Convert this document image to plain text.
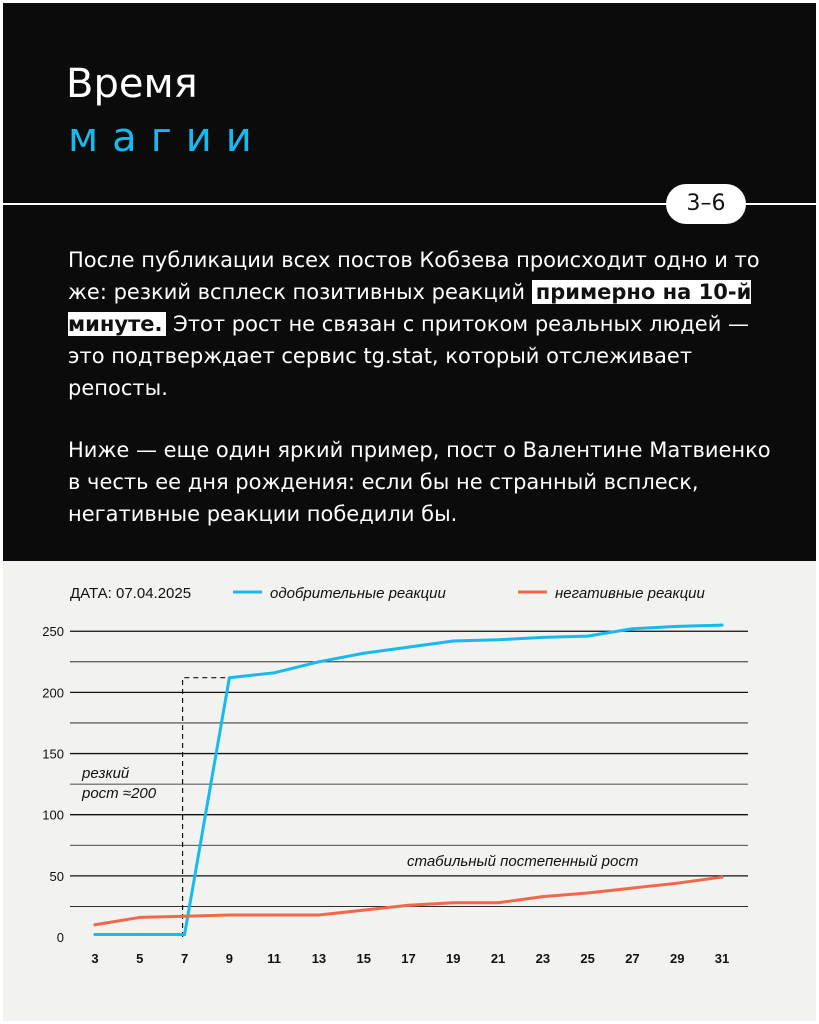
Время
магии
3–6

После публикации всех постов Кобзева происходит одно и то же: резкий всплеск позитивных реакций примерно на 10-й минуте. Этот рост не связан с притоком реальных людей — это подтверждает сервис tg.stat, который отслеживает репосты.

Ниже — еще один яркий пример, пост о Валентине Матвиенко в честь ее дня рождения: если бы не странный всплеск, негативные реакции победили бы.

0
50
100
150
200
250
3	5	7	9	11 13 15 17 19 21 23 25 27 29 31
ДАТА: 07.04.2025	одобрительные реакции	негативные реакции
резкий
рост ≈200
стабильный постепенный рост
